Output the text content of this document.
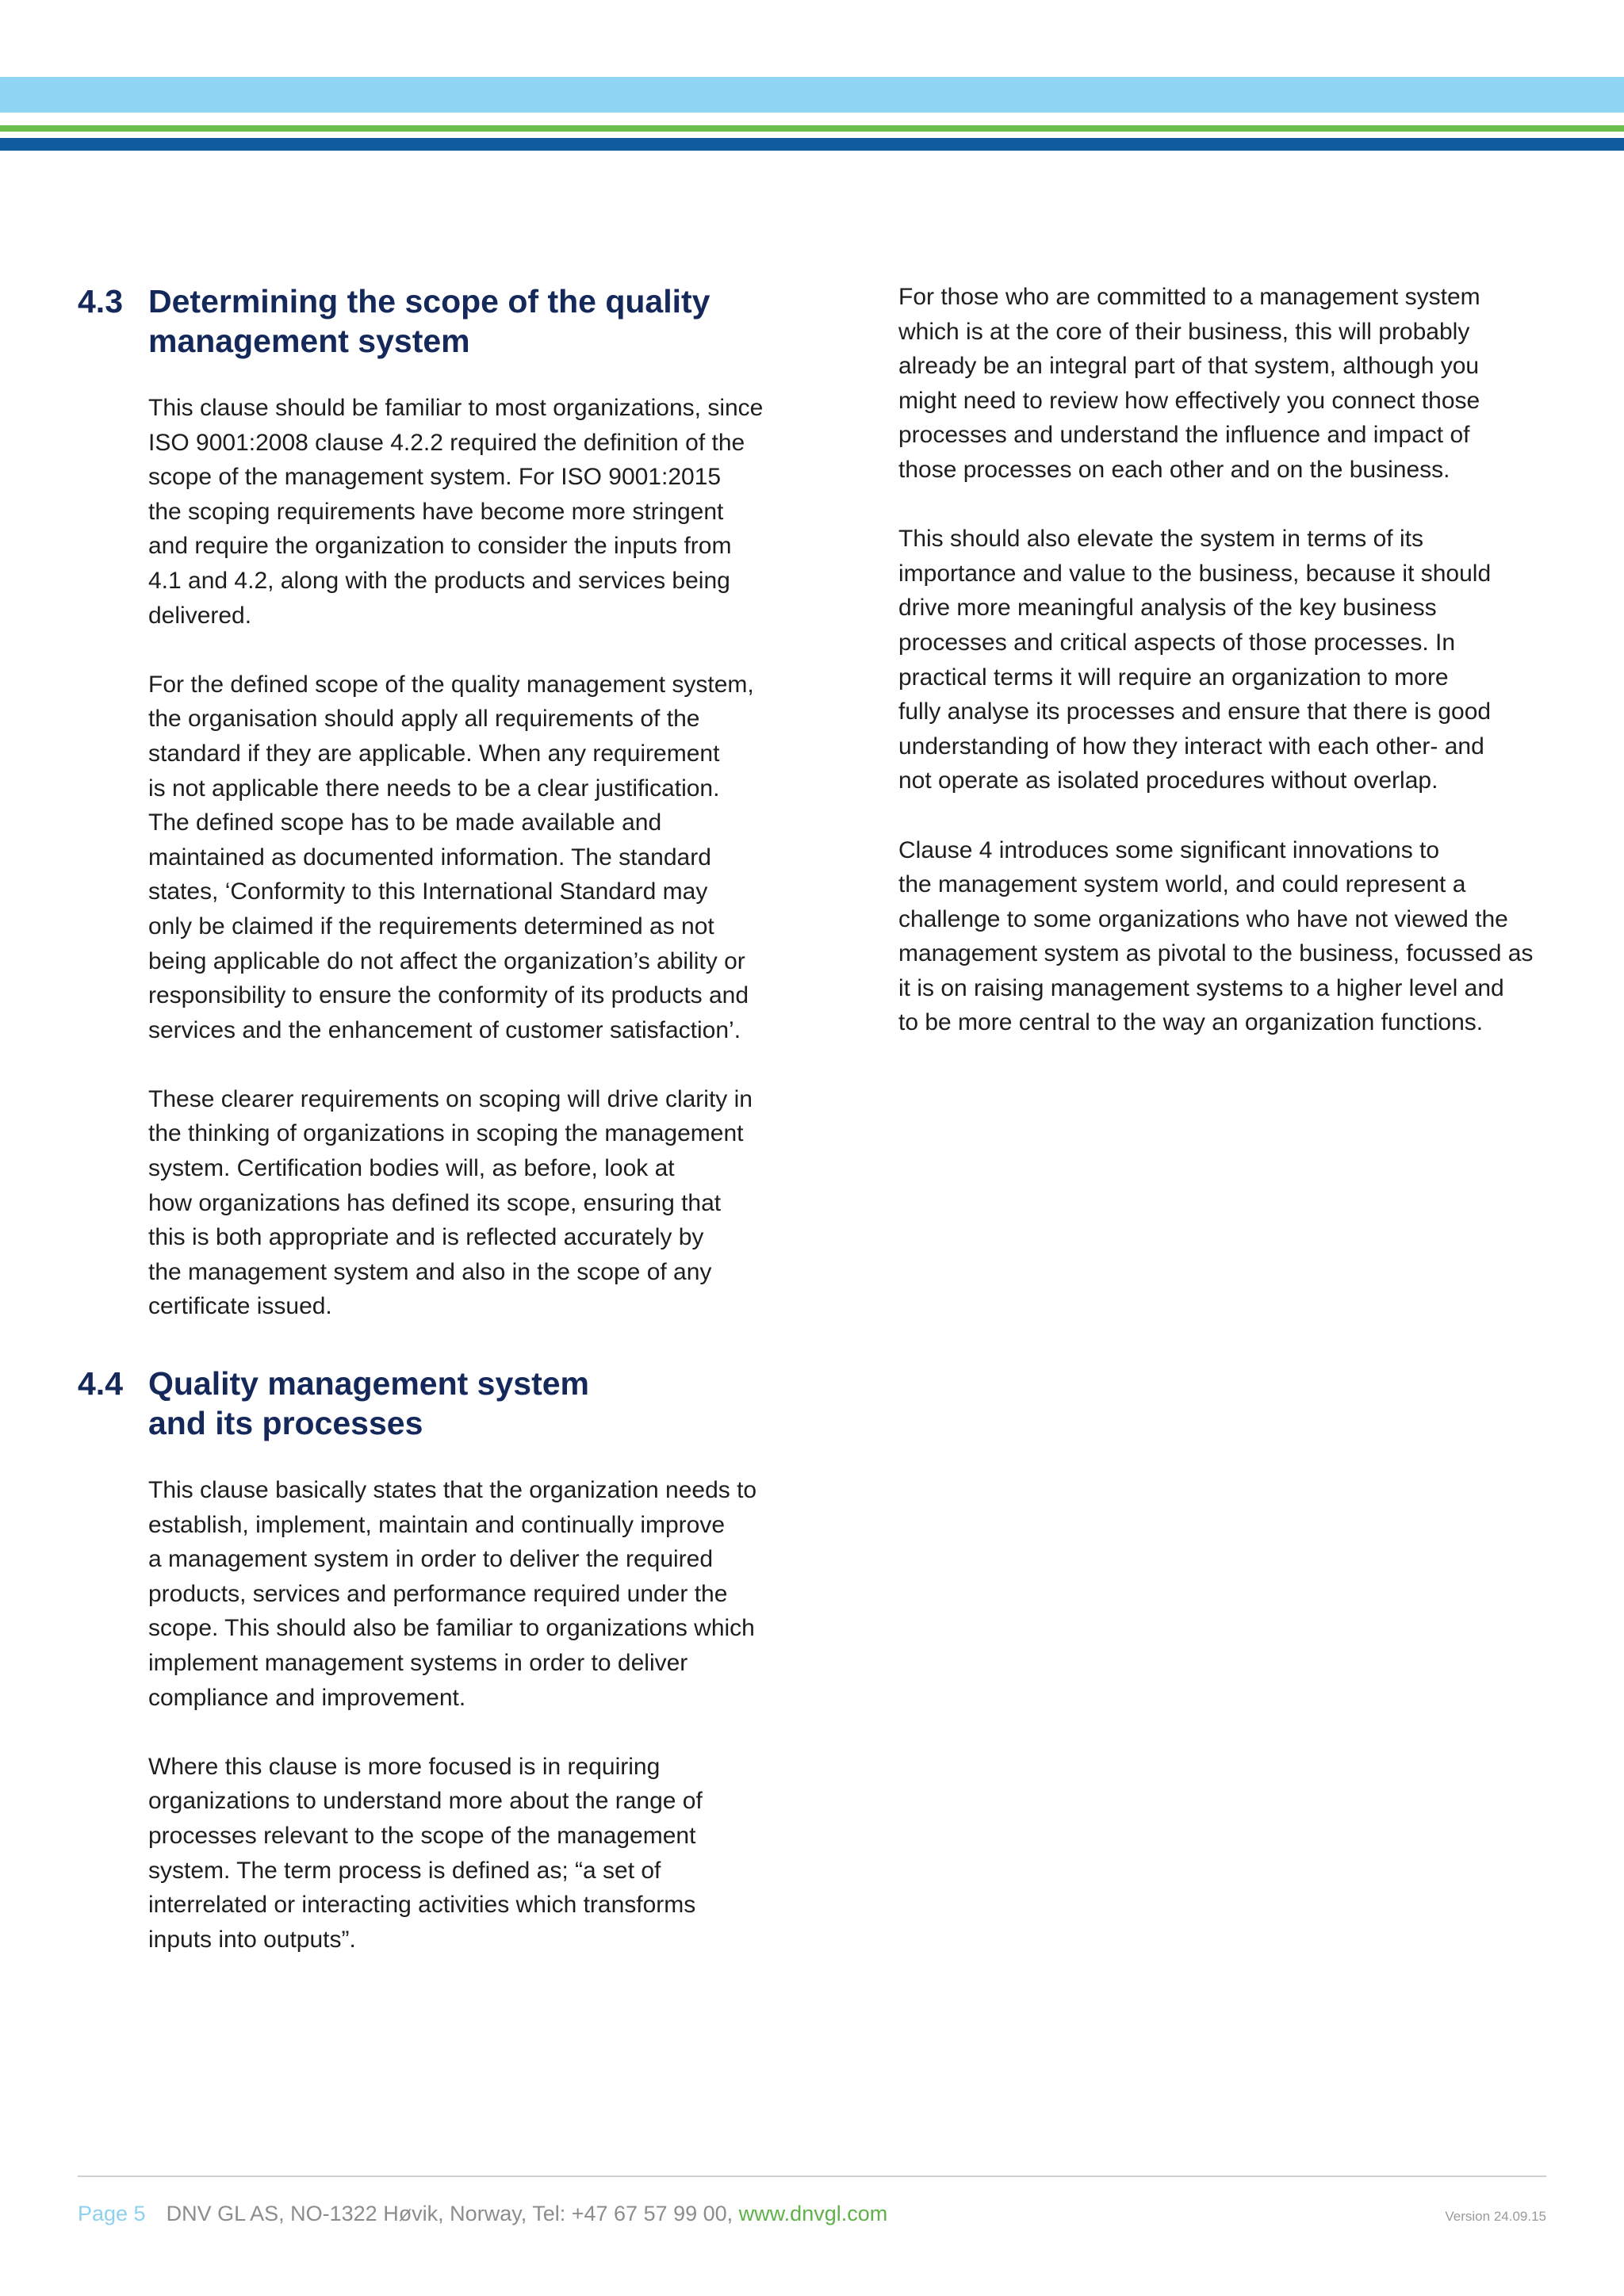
4.3 Determining the scope of the quality
management system

This clause should be familiar to most organizations, since
ISO 9001:2008 clause 4.2.2 required the definition of the
scope of the management system. For ISO 9001:2015
the scoping requirements have become more stringent
and require the organization to consider the inputs from
4.1 and 4.2, along with the products and services being
delivered.

For the defined scope of the quality management system,
the organisation should apply all requirements of the
standard if they are applicable. When any requirement
is not applicable there needs to be a clear justification.
The defined scope has to be made available and
maintained as documented information. The standard
states, ‘Conformity to this International Standard may
only be claimed if the requirements determined as not
being applicable do not affect the organization’s ability or
responsibility to ensure the conformity of its products and
services and the enhancement of customer satisfaction’.

These clearer requirements on scoping will drive clarity in
the thinking of organizations in scoping the management
system. Certification bodies will, as before, look at
how organizations has defined its scope, ensuring that
this is both appropriate and is reflected accurately by
the management system and also in the scope of any
certificate issued.

4.4 Quality management system
and its processes

This clause basically states that the organization needs to
establish, implement, maintain and continually improve
a management system in order to deliver the required
products, services and performance required under the
scope. This should also be familiar to organizations which
implement management systems in order to deliver
compliance and improvement.

Where this clause is more focused is in requiring
organizations to understand more about the range of
processes relevant to the scope of the management
system. The term process is defined as; “a set of
interrelated or interacting activities which transforms
inputs into outputs”.

For those who are committed to a management system
which is at the core of their business, this will probably
already be an integral part of that system, although you
might need to review how effectively you connect those
processes and understand the influence and impact of
those processes on each other and on the business.

This should also elevate the system in terms of its
importance and value to the business, because it should
drive more meaningful analysis of the key business
processes and critical aspects of those processes. In
practical terms it will require an organization to more
fully analyse its processes and ensure that there is good
understanding of how they interact with each other- and
not operate as isolated procedures without overlap.

Clause 4 introduces some significant innovations to
the management system world, and could represent a
challenge to some organizations who have not viewed the
management system as pivotal to the business, focussed as
it is on raising management systems to a higher level and
to be more central to the way an organization functions.

Page 5 DNV GL AS, NO-1322 Høvik, Norway, Tel: +47 67 57 99 00, www.dnvgl.com	Version 24.09.15
